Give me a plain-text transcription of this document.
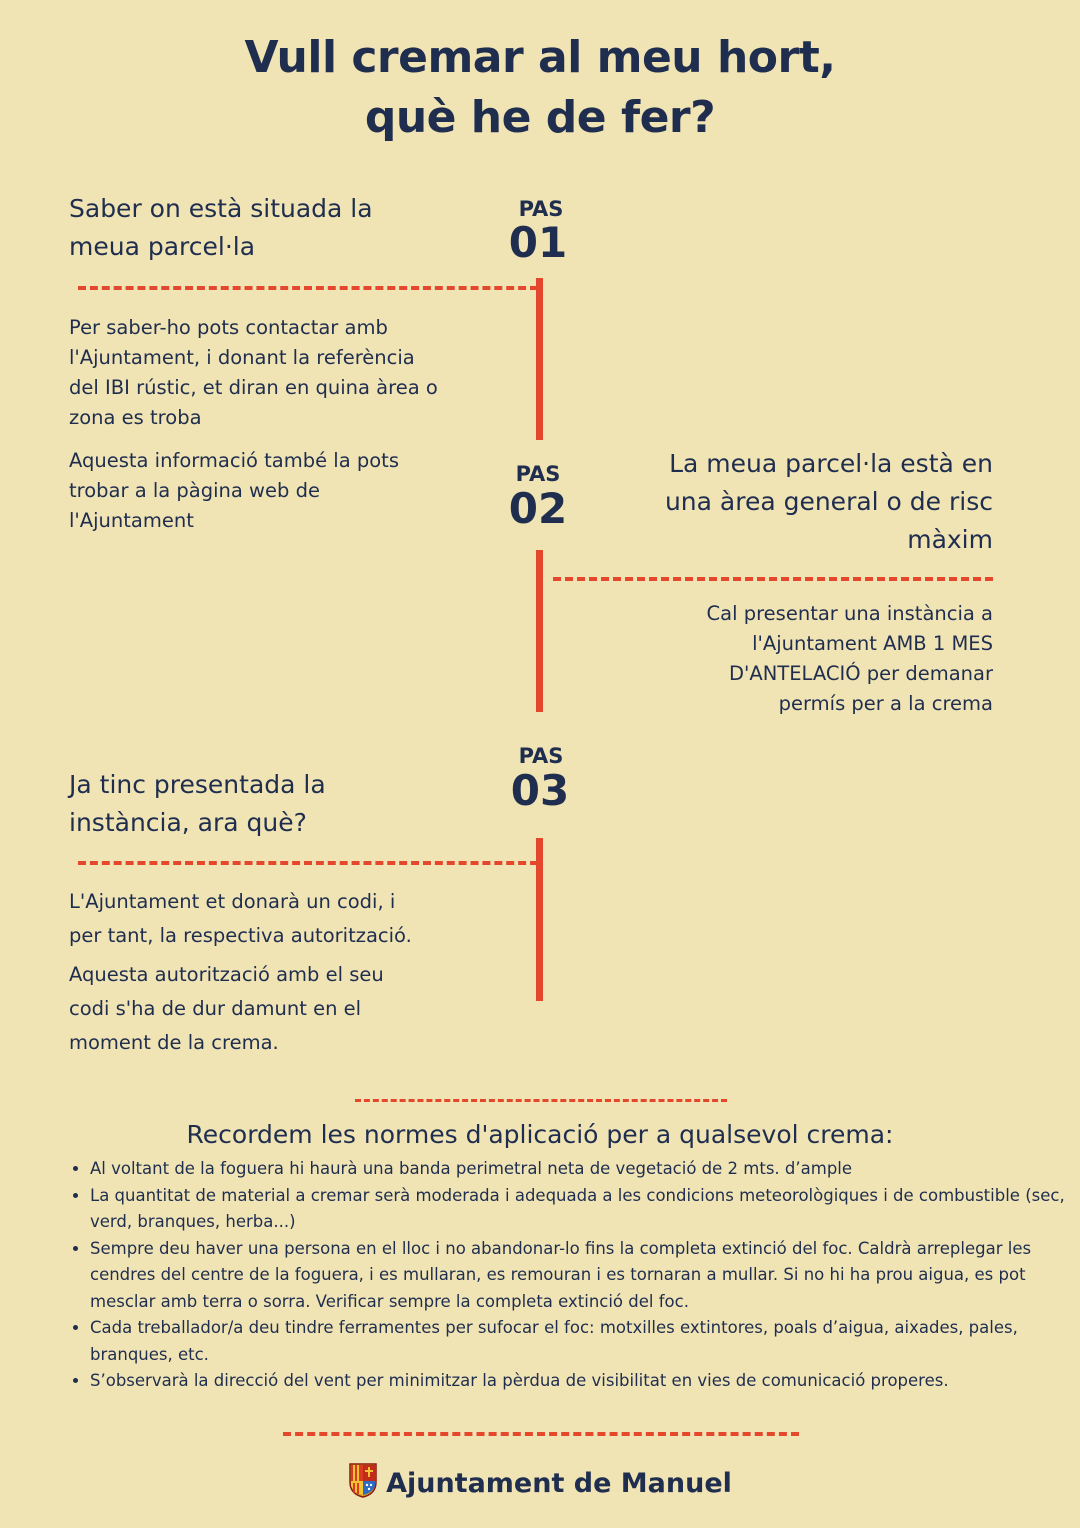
Vull cremar al meu hort,
què he de fer?
Saber on està situada la
meua parcel·la
PAS
01
Per saber-ho pots contactar amb
l'Ajuntament, i donant la referència
del IBI rústic, et diran en quina àrea o
zona es troba
Aquesta informació també la pots
trobar a la pàgina web de
l'Ajuntament
PAS
02
La meua parcel·la està en
una àrea general o de risc
màxim
Cal presentar una instància a
l'Ajuntament AMB 1 MES
D'ANTELACIÓ per demanar
permís per a la crema
PAS
03
Ja tinc presentada la
instància, ara què?
L'Ajuntament et donarà un codi, i
per tant, la respectiva autorització.
Aquesta autorització amb el seu
codi s'ha de dur damunt en el
moment de la crema.
Recordem les normes d'aplicació per a qualsevol crema:
• Al voltant de la foguera hi haurà una banda perimetral neta de vegetació de 2 mts. d’ample
• La quantitat de material a cremar serà moderada i adequada a les condicions meteorològiques i de combustible (sec, verd, branques, herba...)
• Sempre deu haver una persona en el lloc i no abandonar-lo fins la completa extinció del foc. Caldrà arreplegar les cendres del centre de la foguera, i es mullaran, es remouran i es tornaran a mullar. Si no hi ha prou aigua, es pot mesclar amb terra o sorra. Verificar sempre la completa extinció del foc.
• Cada treballador/a deu tindre ferramentes per sufocar el foc: motxilles extintores, poals d’aigua, aixades, pales, branques, etc.
• S’observarà la direcció del vent per minimitzar la pèrdua de visibilitat en vies de comunicació properes.
Ajuntament de Manuel
